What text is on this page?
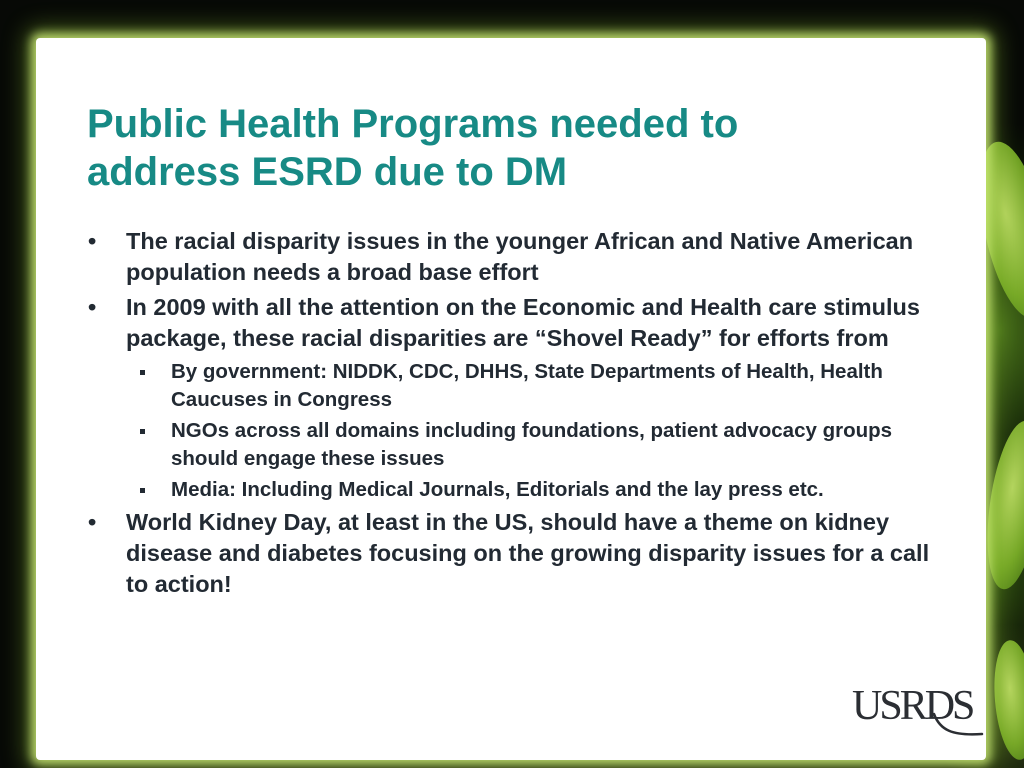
Public Health Programs needed to
address ESRD due to DM
• The racial disparity issues in the younger African and Native American population needs a broad base effort
• In 2009 with all the attention on the Economic and Health care stimulus package, these racial disparities are “Shovel Ready” for efforts from
By government: NIDDK, CDC, DHHS, State Departments of Health, Health Caucuses in Congress
NGOs across all domains including foundations, patient advocacy groups should engage these issues
Media: Including Medical Journals, Editorials and the lay press etc.
• World Kidney Day, at least in the US, should have a theme on kidney disease and diabetes focusing on the growing disparity issues for a call to action!
USRDS
